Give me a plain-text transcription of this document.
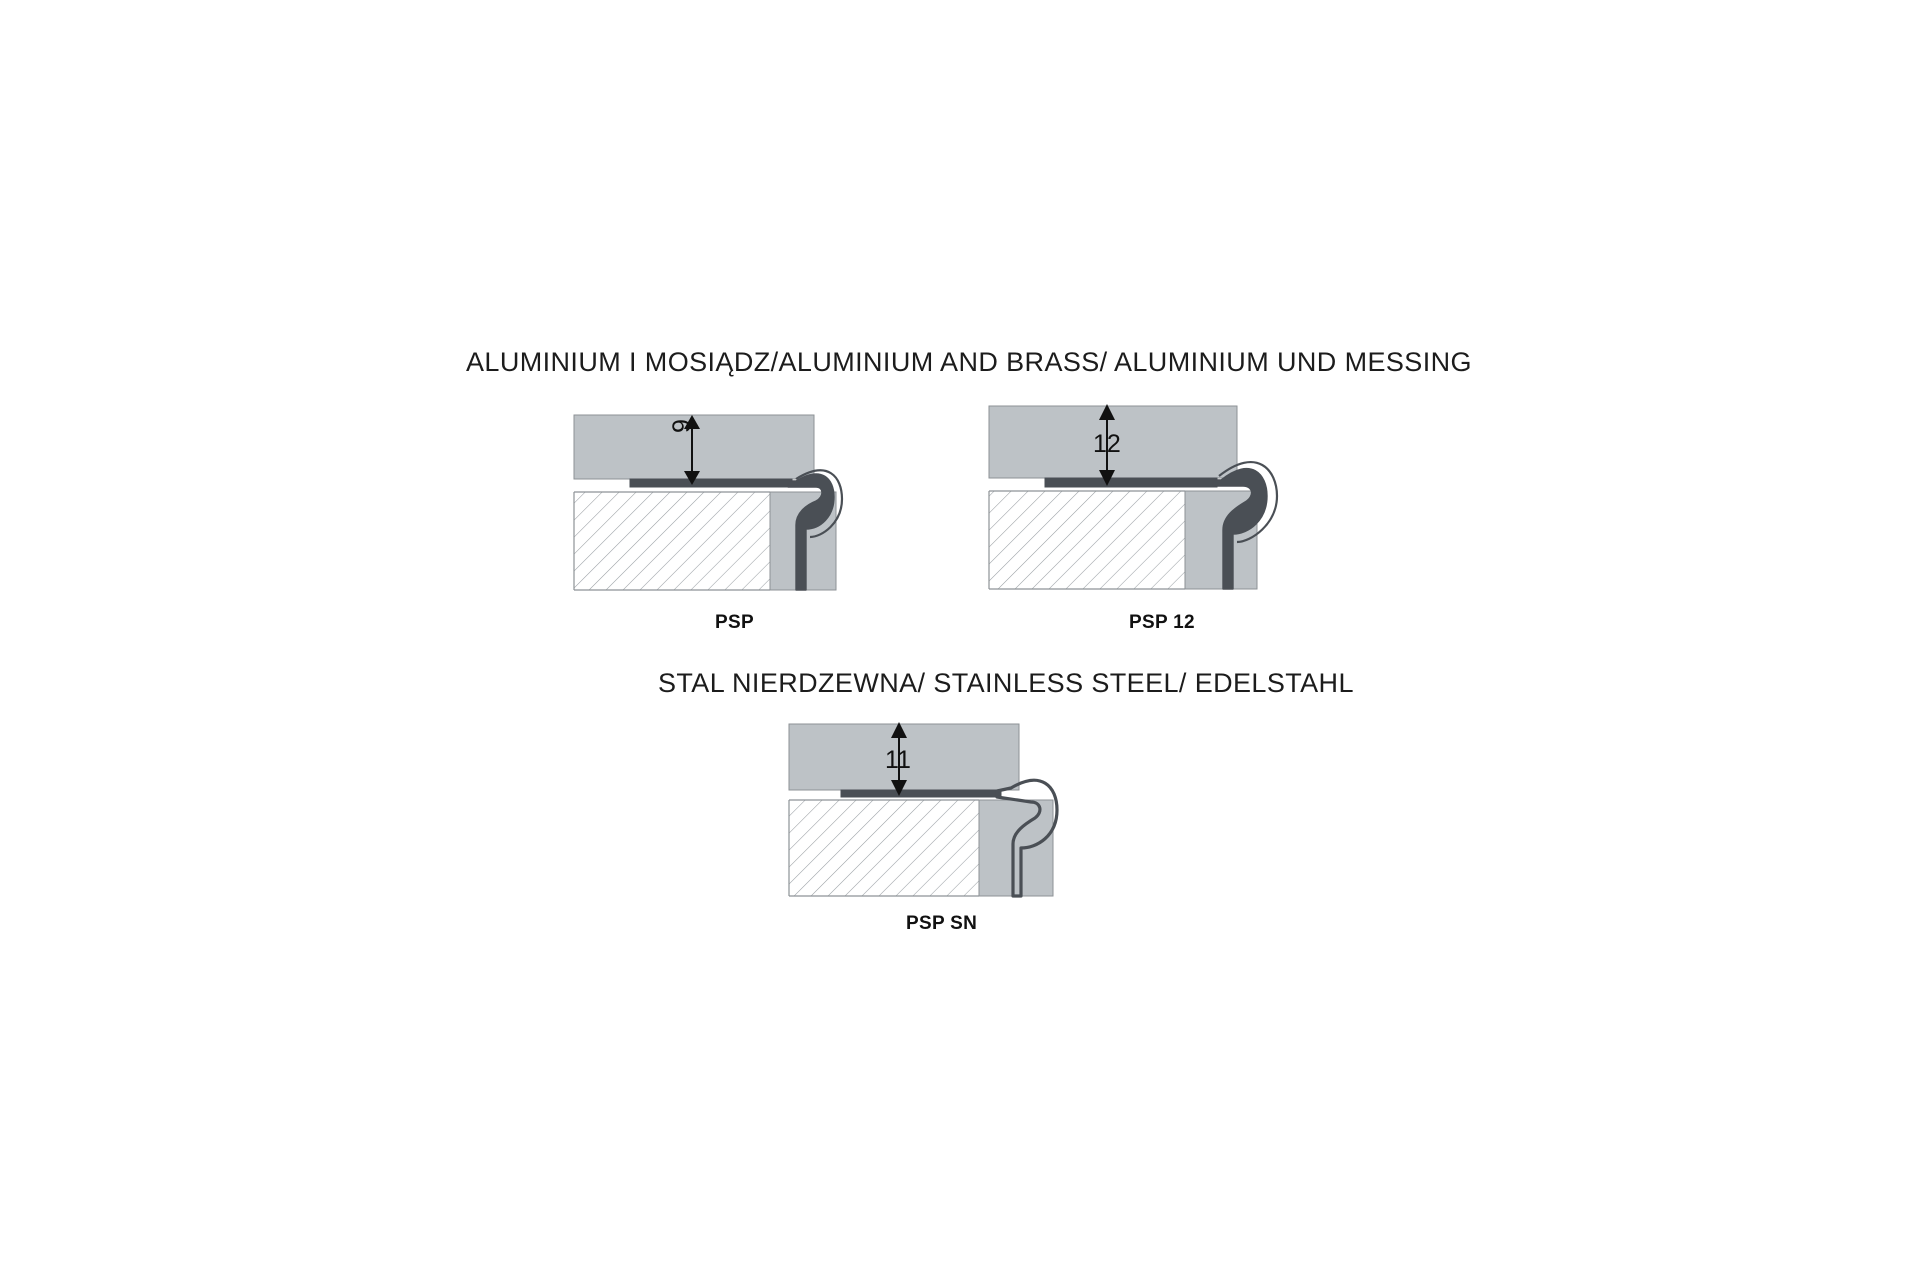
ALUMINIUM I MOSIĄDZ/ALUMINIUM AND BRASS/ ALUMINIUM UND MESSING
9
PSP
12
PSP 12
STAL NIERDZEWNA/ STAINLESS STEEL/ EDELSTAHL
11
PSP SN
